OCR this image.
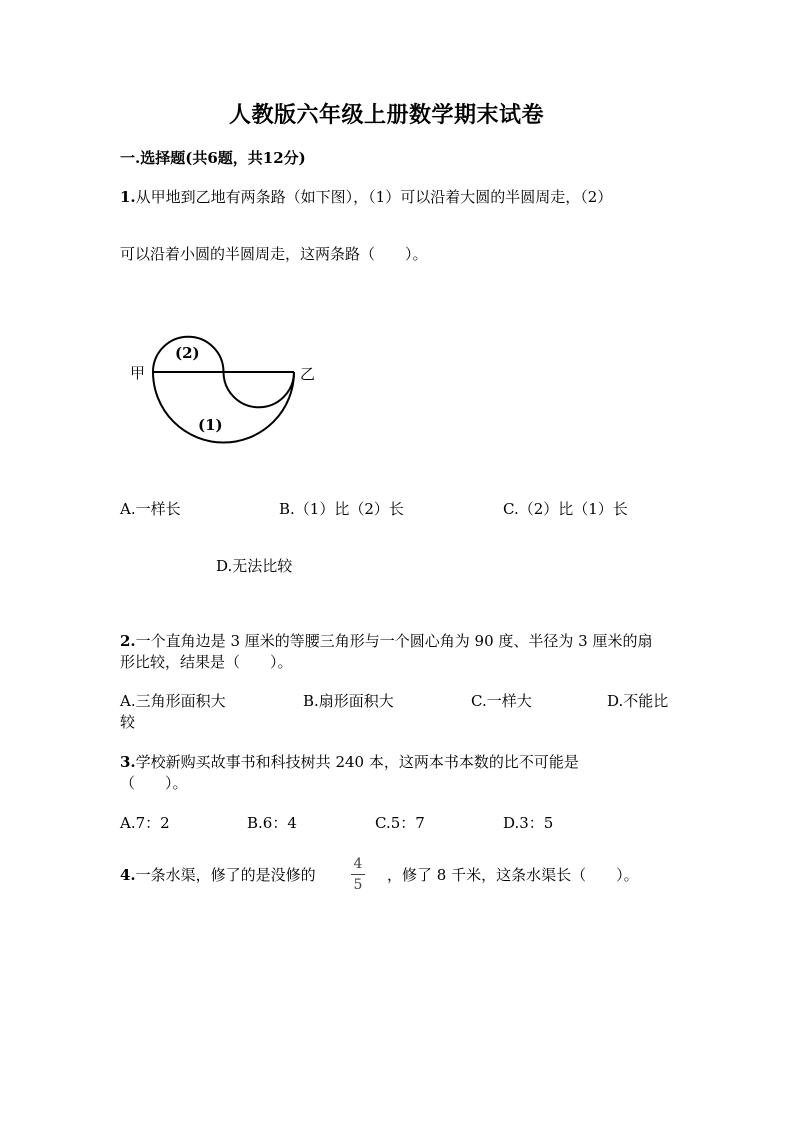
人教版六年级上册数学期末试卷
一.选择题(共6题，共12分)
1.从甲地到乙地有两条路（如下图），（1）可以沿着大圆的半圆周走，（2）
可以沿着小圆的半圆周走，这两条路（　　）。
甲	乙
(2)
(1)
A.一样长	B.（1）比（2）长	C.（2）比（1）长
D.无法比较
2.一个直角边是 3 厘米的等腰三角形与一个圆心角为 90 度、半径为 3 厘米的扇
形比较，结果是（　　）。
A.三角形面积大	B.扇形面积大	C.一样大	D.不能比
较
3.学校新购买故事书和科技树共 240 本，这两本书本数的比不可能是
（　　）。
A.7：2	B.6：4	C.5：7	D.3：5
4.一条水渠，修了的是没修的
4
5
，修了 8 千米，这条水渠长（　　）。
